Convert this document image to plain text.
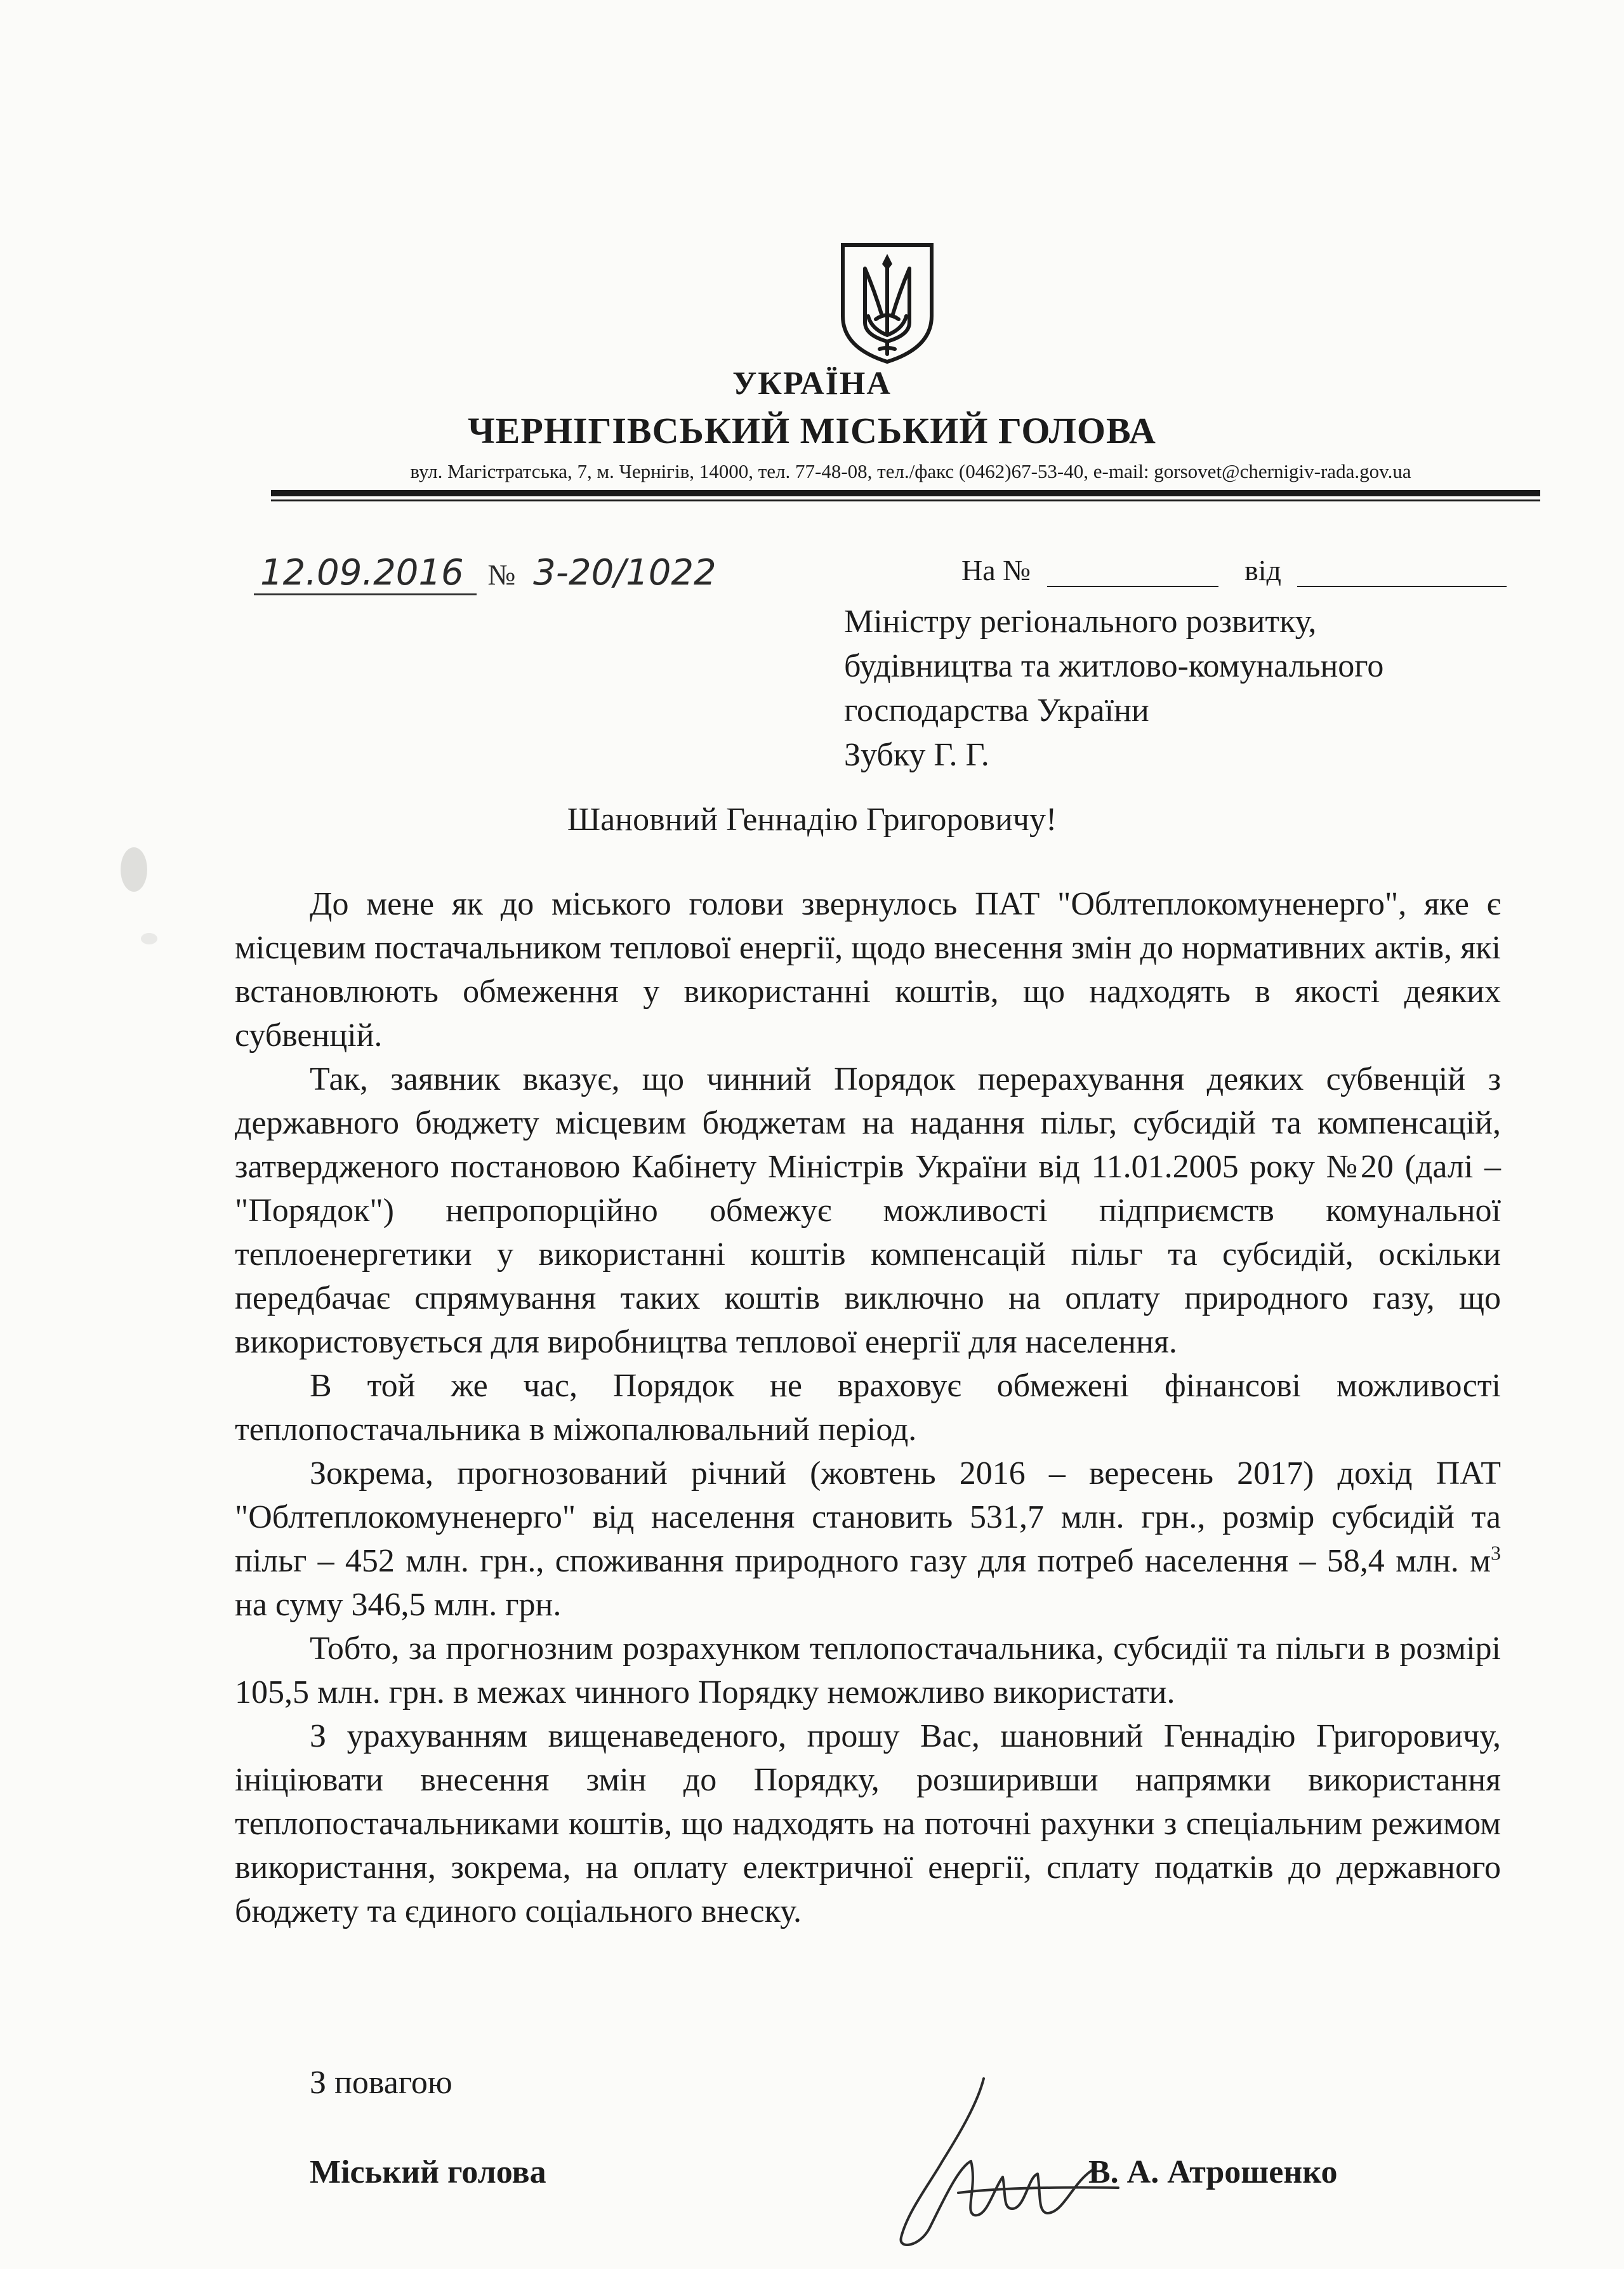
УКРАЇНА
ЧЕРНІГІВСЬКИЙ МІСЬКИЙ ГОЛОВА
вул. Магістратська, 7, м. Чернігів, 14000, тел. 77-48-08, тел./факс (0462)67-53-40, e-mail: gorsovet@chernigiv-rada.gov.ua
12.09.2016 № 3-20/1022	На №	від
Міністру регіонального розвитку,
будівництва та житлово-комунального
господарства України
Зубку Г. Г.
Шановний Геннадію Григоровичу!

До мене як до міського голови звернулось ПАТ "Облтеплокомуненерго", яке є місцевим постачальником теплової енергії, щодо внесення змін до нормативних актів, які встановлюють обмеження у використанні коштів, що надходять в якості деяких субвенцій.

Так, заявник вказує, що чинний Порядок перерахування деяких субвенцій з державного бюджету місцевим бюджетам на надання пільг, субсидій та компенсацій, затвердженого постановою Кабінету Міністрів України від 11.01.2005 року №20 (далі – "Порядок") непропорційно обмежує можливості підприємств комунальної теплоенергетики у використанні коштів компенсацій пільг та субсидій, оскільки передбачає спрямування таких коштів виключно на оплату природного газу, що використовується для виробництва теплової енергії для населення.

В той же час, Порядок не враховує обмежені фінансові можливості теплопостачальника в міжопалювальний період.

Зокрема, прогнозований річний (жовтень 2016 – вересень 2017) дохід ПАТ "Облтеплокомуненерго" від населення становить 531,7 млн. грн., розмір субсидій та пільг – 452 млн. грн., споживання природного газу для потреб населення – 58,4 млн. $м^3$ на суму 346,5 млн. грн.

Тобто, за прогнозним розрахунком теплопостачальника, субсидії та пільги в розмірі 105,5 млн. грн. в межах чинного Порядку неможливо використати.

З урахуванням вищенаведеного, прошу Вас, шановний Геннадію Григоровичу, ініціювати внесення змін до Порядку, розширивши напрямки використання теплопостачальниками коштів, що надходять на поточні рахунки з спеціальним режимом використання, зокрема, на оплату електричної енергії, сплату податків до державного бюджету та єдиного соціального внеску.

З повагою
Міський голова	В. А. Атрошенко
